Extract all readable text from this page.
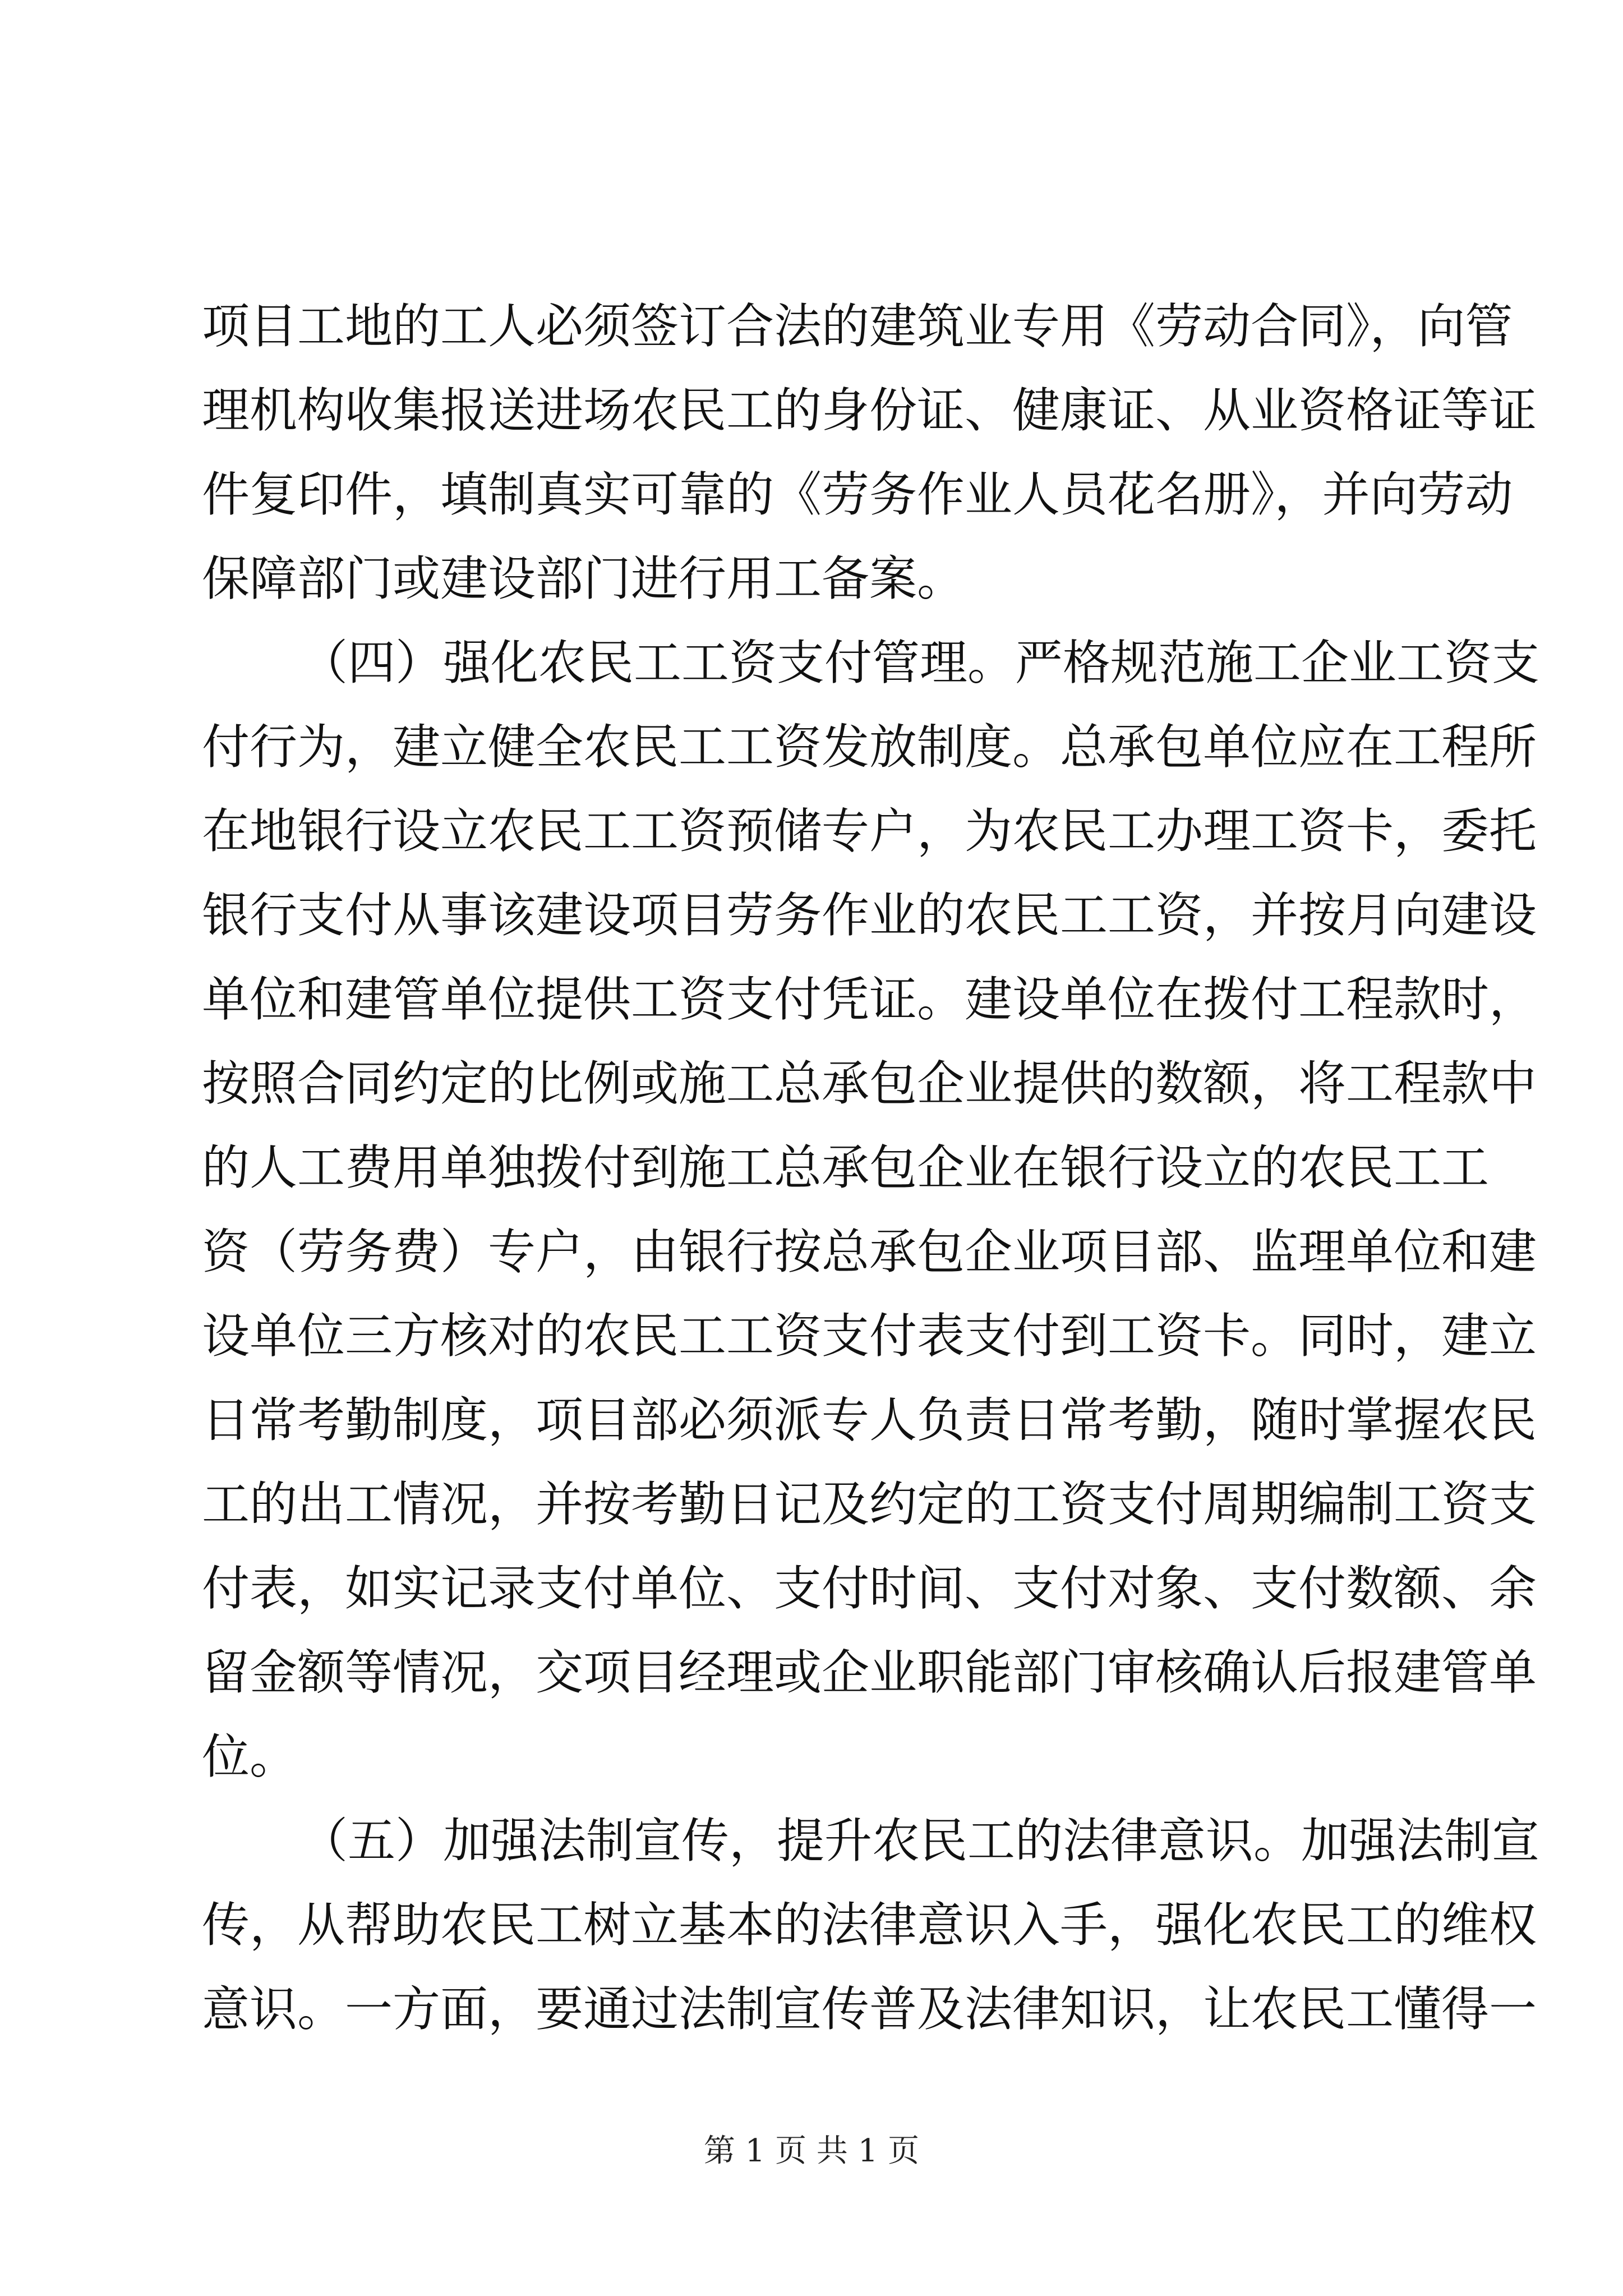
项目工地的工人必须签订合法的建筑业专用《劳动合同》，向管
理机构收集报送进场农民工的身份证、健康证、从业资格证等证
件复印件，填制真实可靠的《劳务作业人员花名册》，并向劳动
保障部门或建设部门进行用工备案。
（四）强化农民工工资支付管理。严格规范施工企业工资支
付行为，建立健全农民工工资发放制度。总承包单位应在工程所
在地银行设立农民工工资预储专户，为农民工办理工资卡，委托
银行支付从事该建设项目劳务作业的农民工工资，并按月向建设
单位和建管单位提供工资支付凭证。建设单位在拨付工程款时，
按照合同约定的比例或施工总承包企业提供的数额，将工程款中
的人工费用单独拨付到施工总承包企业在银行设立的农民工工
资（劳务费）专户，由银行按总承包企业项目部、监理单位和建
设单位三方核对的农民工工资支付表支付到工资卡。同时，建立
日常考勤制度，项目部必须派专人负责日常考勤，随时掌握农民
工的出工情况，并按考勤日记及约定的工资支付周期编制工资支
付表，如实记录支付单位、支付时间、支付对象、支付数额、余
留金额等情况，交项目经理或企业职能部门审核确认后报建管单
位。
（五）加强法制宣传，提升农民工的法律意识。加强法制宣
传，从帮助农民工树立基本的法律意识入手，强化农民工的维权
意识。一方面，要通过法制宣传普及法律知识，让农民工懂得一
第 1 页 共 1 页
